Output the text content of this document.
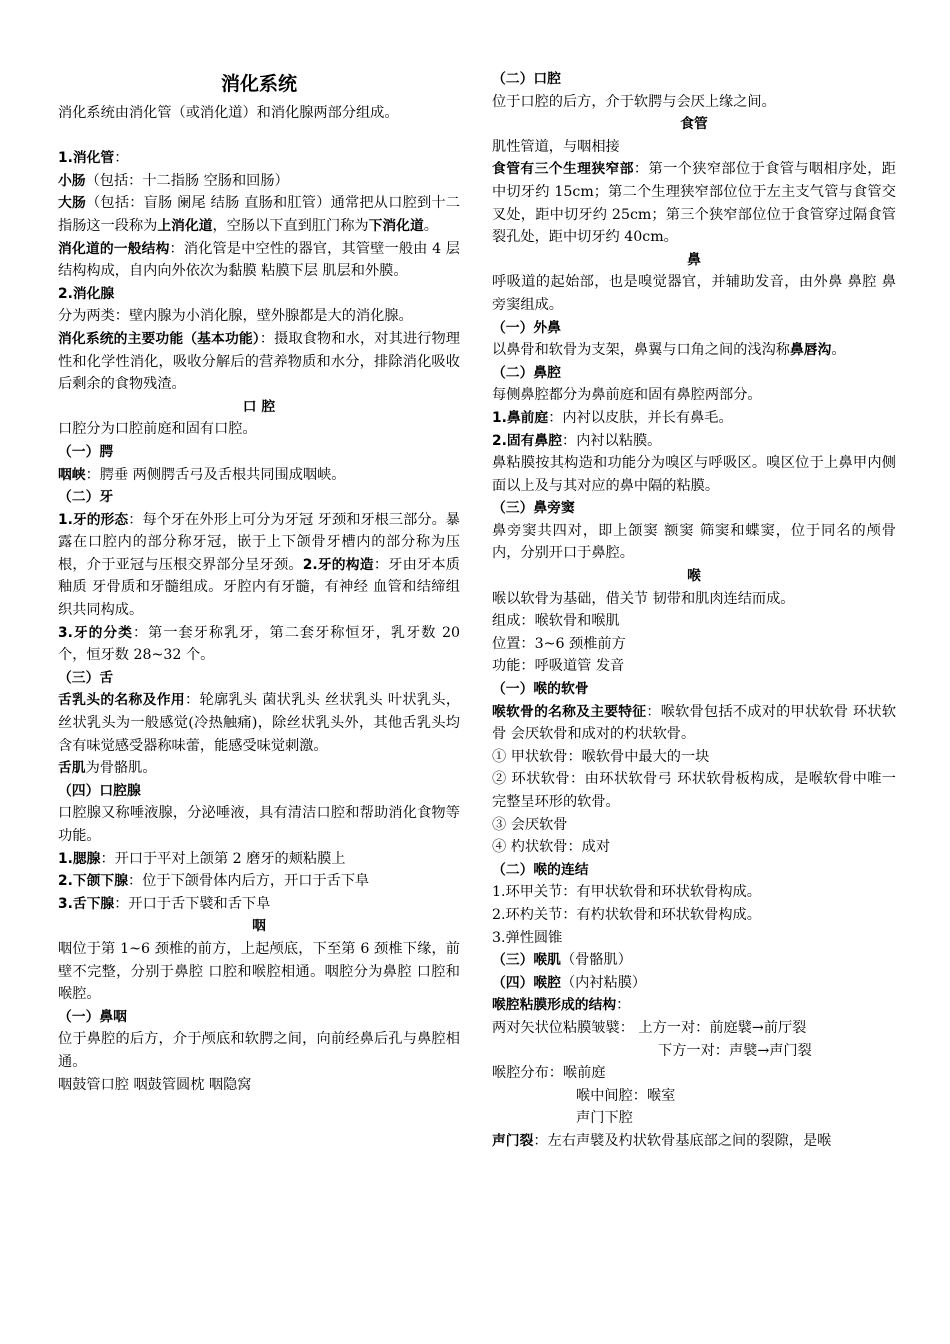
消化系统

消化系统由消化管（或消化道）和消化腺两部分组成。

1.消化管：

小肠（包括：十二指肠 空肠和回肠）

大肠（包括：盲肠 阑尾 结肠 直肠和肛管）通常把从口腔到十二指肠这一段称为上消化道，空肠以下直到肛门称为下消化道。

消化道的一般结构：消化管是中空性的器官，其管壁一般由 4 层结构构成，自内向外依次为黏膜 粘膜下层 肌层和外膜。

2.消化腺

分为两类：壁内腺为小消化腺，壁外腺都是大的消化腺。

消化系统的主要功能（基本功能）：摄取食物和水，对其进行物理性和化学性消化，吸收分解后的营养物质和水分，排除消化吸收后剩余的食物残渣。

口 腔

口腔分为口腔前庭和固有口腔。

（一）腭

咽峡：腭垂 两侧腭舌弓及舌根共同围成咽峡。

（二）牙

1.牙的形态：每个牙在外形上可分为牙冠 牙颈和牙根三部分。暴露在口腔内的部分称牙冠，嵌于上下颌骨牙槽内的部分称为压根，介于亚冠与压根交界部分呈牙颈。2.牙的构造：牙由牙本质 釉质 牙骨质和牙髓组成。牙腔内有牙髓，有神经 血管和结缔组织共同构成。

3.牙的分类：第一套牙称乳牙，第二套牙称恒牙，乳牙数 20 个，恒牙数 28~32 个。

（三）舌

舌乳头的名称及作用：轮廓乳头 菌状乳头 丝状乳头 叶状乳头，丝状乳头为一般感觉(冷热触痛)，除丝状乳头外，其他舌乳头均含有味觉感受器称味蕾，能感受味觉刺激。

舌肌为骨骼肌。

（四）口腔腺

口腔腺又称唾液腺，分泌唾液，具有清洁口腔和帮助消化食物等功能。

1.腮腺：开口于平对上颌第 2 磨牙的颊粘膜上

2.下颌下腺：位于下颌骨体内后方，开口于舌下阜

3.舌下腺：开口于舌下襞和舌下阜

咽

咽位于第 1~6 颈椎的前方，上起颅底，下至第 6 颈椎下缘，前壁不完整，分别于鼻腔 口腔和喉腔相通。咽腔分为鼻腔 口腔和喉腔。

（一）鼻咽

位于鼻腔的后方，介于颅底和软腭之间，向前经鼻后孔与鼻腔相通。

咽鼓管口腔 咽鼓管圆枕 咽隐窝

（二）口腔

位于口腔的后方，介于软腭与会厌上缘之间。

食管

肌性管道，与咽相接

食管有三个生理狭窄部：第一个狭窄部位于食管与咽相序处，距中切牙约 15cm；第二个生理狭窄部位位于左主支气管与食管交叉处，距中切牙约 25cm；第三个狭窄部位位于食管穿过隔食管裂孔处，距中切牙约 40cm。

鼻

呼吸道的起始部，也是嗅觉器官，并辅助发音，由外鼻 鼻腔 鼻旁窦组成。

（一）外鼻

以鼻骨和软骨为支架，鼻翼与口角之间的浅沟称鼻唇沟。

（二）鼻腔

每侧鼻腔都分为鼻前庭和固有鼻腔两部分。

1.鼻前庭：内衬以皮肤，并长有鼻毛。

2.固有鼻腔：内衬以粘膜。

鼻粘膜按其构造和功能分为嗅区与呼吸区。嗅区位于上鼻甲内侧面以上及与其对应的鼻中隔的粘膜。

（三）鼻旁窦

鼻旁窦共四对，即上颌窦 额窦 筛窦和蝶窦，位于同名的颅骨内，分别开口于鼻腔。

喉

喉以软骨为基础，借关节 韧带和肌肉连结而成。

组成：喉软骨和喉肌

位置：3~6 颈椎前方

功能：呼吸道管 发音

（一）喉的软骨

喉软骨的名称及主要特征：喉软骨包括不成对的甲状软骨 环状软骨 会厌软骨和成对的杓状软骨。

① 甲状软骨：喉软骨中最大的一块

② 环状软骨：由环状软骨弓 环状软骨板构成，是喉软骨中唯一完整呈环形的软骨。

③ 会厌软骨

④ 杓状软骨：成对

（二）喉的连结

1.环甲关节：有甲状软骨和环状软骨构成。

2.环杓关节：有杓状软骨和环状软骨构成。

3.弹性圆锥

（三）喉肌（骨骼肌）

（四）喉腔（内衬粘膜）

喉腔粘膜形成的结构：

两对矢状位粘膜皱襞： 上方一对：前庭襞→前厅裂

下方一对：声襞→声门裂

喉腔分布：喉前庭

喉中间腔：喉室

声门下腔

声门裂：左右声襞及杓状软骨基底部之间的裂隙，是喉
